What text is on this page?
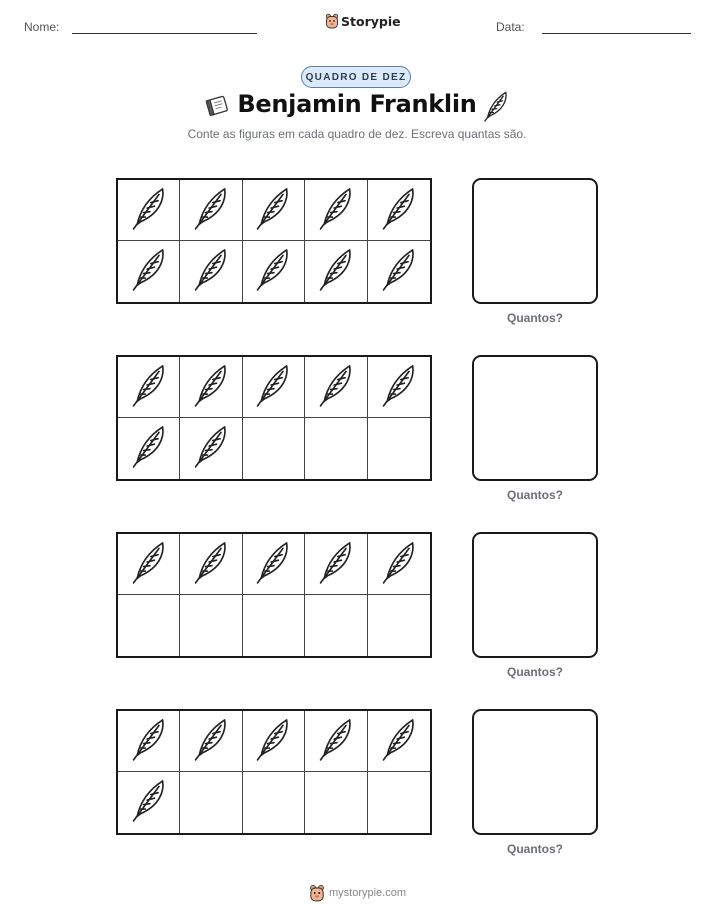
Nome:	Storypie	Data:
QUADRO DE DEZ
Benjamin Franklin
Conte as figuras em cada quadro de dez. Escreva quantas são.
Quantos?
Quantos?
Quantos?
Quantos?
mystorypie.com
